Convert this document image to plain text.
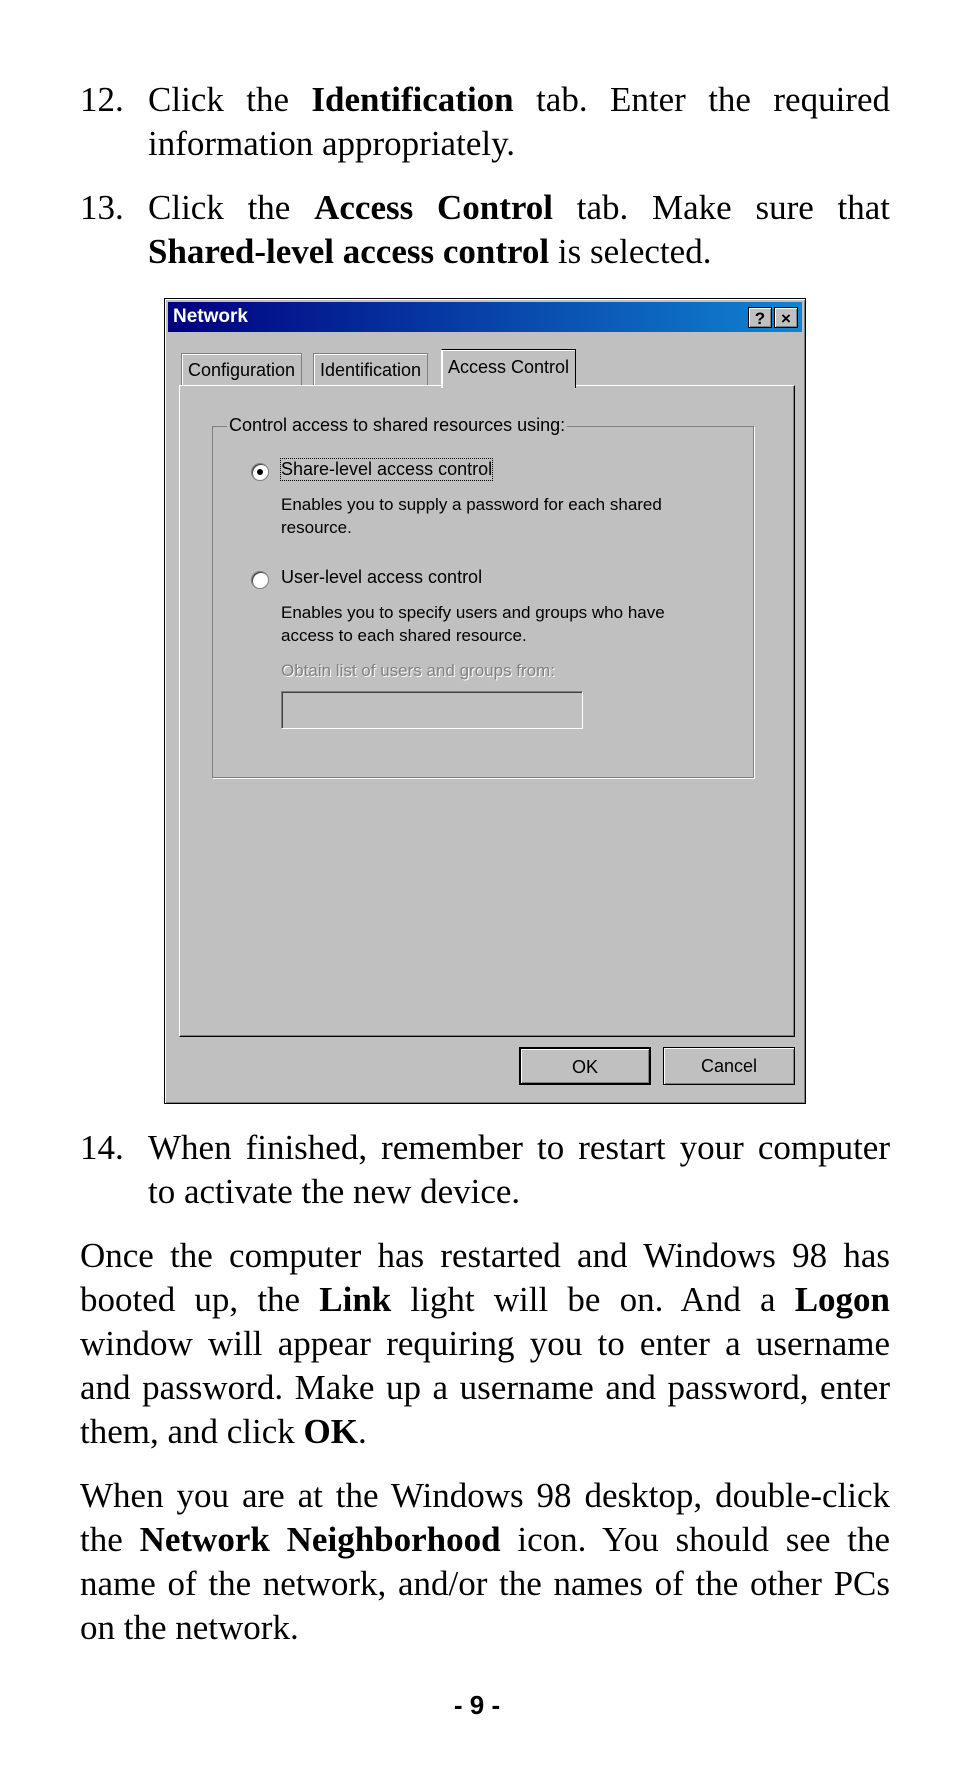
12. Click the Identification tab. Enter the required information appropriately.
13. Click the Access Control tab. Make sure that Shared-level access control is selected.
14. When finished, remember to restart your computer to activate the new device.

Once the computer has restarted and Windows 98 has booted up, the Link light will be on. And a Logon window will appear requiring you to enter a username and password. Make up a username and password, enter them, and click OK.

When you are at the Windows 98 desktop, double-click the Network Neighborhood icon. You should see the name of the network, and/or the names of the other PCs on the network.

Network	? ×
Configuration	Identification	Access Control
Control access to shared resources using:
Share-level access control
Enables you to supply a password for each shared resource.
User-level access control
Enables you to specify users and groups who have access to each shared resource.
Obtain list of users and groups from:
OK	Cancel
- 9 -
